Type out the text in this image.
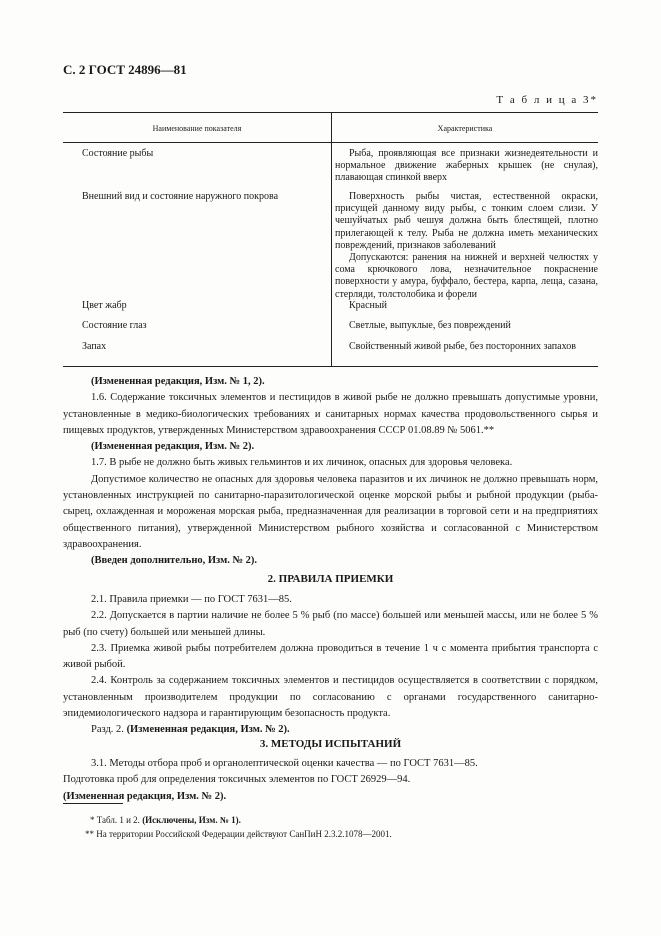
С. 2 ГОСТ 24896—81
Т а б л и ц а 3*
Наименование показателя	Характеристика
Состояние рыбы	Рыба, проявляющая все признаки жизнедеятельности и нормальное движение жаберных крышек (не снулая), плавающая спинкой вверх

Внешний вид и состояние наружного покрова	Поверхность рыбы чистая, естественной окраски, присущей данному виду рыбы, с тонким слоем слизи. У чешуйчатых рыб чешуя должна быть блестящей, плотно прилегающей к телу. Рыба не должна иметь механических повреждений, признаков заболеваний

Допускаются: ранения на нижней и верхней челюстях у сома крючкового лова, незначительное покраснение поверхности у амура, буффало, бестера, карпа, леща, сазана, стерляди, толстолобика и форели

Цвет жабр	Красный

Состояние глаз	Светлые, выпуклые, без повреждений

Запах	Свойственный живой рыбе, без посторонних запахов

(Измененная редакция, Изм. № 1, 2).

1.6. Содержание токсичных элементов и пестицидов в живой рыбе не должно превышать допустимые уровни, установленные в медико-биологических требованиях и санитарных нормах качества продовольственного сырья и пищевых продуктов, утвержденных Министерством здравоохранения СССР 01.08.89 № 5061.**

(Измененная редакция, Изм. № 2).

1.7. В рыбе не должно быть живых гельминтов и их личинок, опасных для здоровья человека.

Допустимое количество не опасных для здоровья человека паразитов и их личинок не должно превышать норм, установленных инструкцией по санитарно-паразитологической оценке морской рыбы и рыбной продукции (рыба-сырец, охлажденная и мороженая морская рыба, предназначенная для реализации в торговой сети и на предприятиях общественного питания), утвержденной Министерством рыбного хозяйства и согласованной с Министерством здравоохранения.

(Введен дополнительно, Изм. № 2).

2. ПРАВИЛА ПРИЕМКИ

2.1. Правила приемки — по ГОСТ 7631—85.

2.2. Допускается в партии наличие не более 5 % рыб (по массе) большей или меньшей массы, или не более 5 % рыб (по счету) большей или меньшей длины.

2.3. Приемка живой рыбы потребителем должна проводиться в течение 1 ч с момента прибытия транспорта с живой рыбой.

2.4. Контроль за содержанием токсичных элементов и пестицидов осуществляется в соответствии с порядком, установленным производителем продукции по согласованию с органами государственного санитарно-эпидемиологического надзора и гарантирующим безопасность продукта.

Разд. 2. (Измененная редакция, Изм. № 2).

3. МЕТОДЫ ИСПЫТАНИЙ

3.1. Методы отбора проб и органолептической оценки качества — по ГОСТ 7631—85.

Подготовка проб для определения токсичных элементов по ГОСТ 26929—94.

(Измененная редакция, Изм. № 2).

* Табл. 1 и 2. (Исключены, Изм. № 1).

** На территории Российской Федерации действуют СанПиН 2.3.2.1078—2001.
